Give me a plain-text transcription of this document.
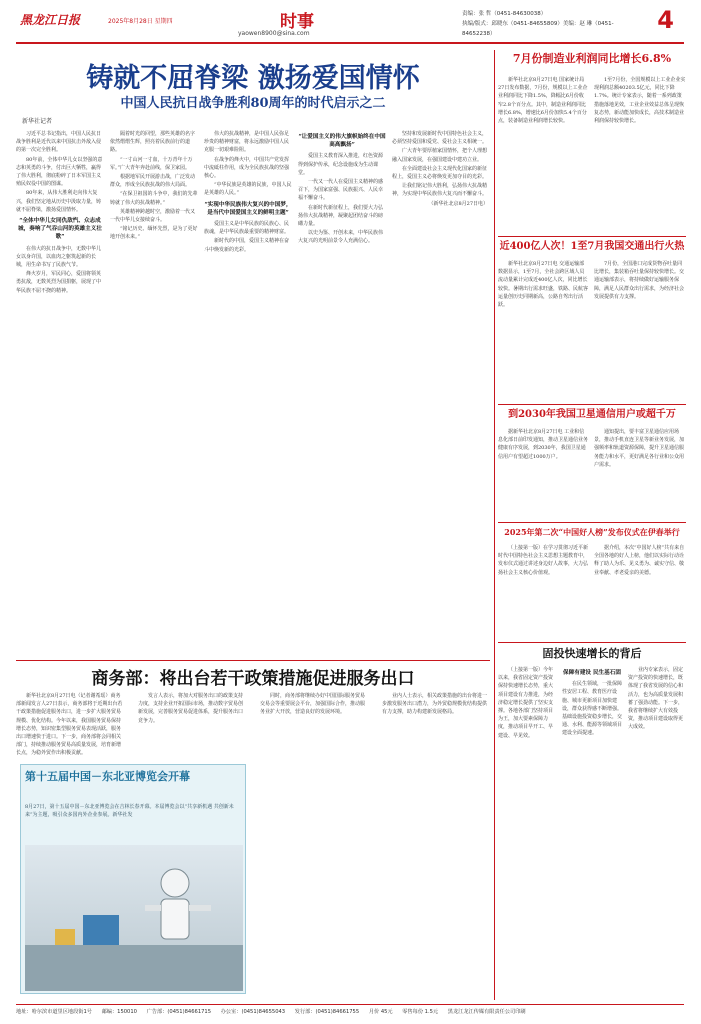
黑龙江日报	2025年8月28日 星期四	时事
yaowen8900@sina.com
责编：张 哲（0451-84630038）
执编/版式：邱晓东（0451-84655809）美编：赵 琳（0451-84652238）	4
铸就不屈脊梁 激扬爱国情怀
中国人民抗日战争胜利80周年的时代启示之二
新华社记者

习近平总书记指出，中国人民抗日战争胜利是近代以来中国抗击外敌入侵的第一次完全胜利。

80年前，全体中华儿女以坚强的意志和英勇的斗争，付出巨大牺牲，赢得了伟大胜利，彻底粉碎了日本军国主义殖民奴役中国的图谋。

80年来，从伟大胜利走向伟大复兴，我们坚定地从历史中汲取力量，铸就不屈脊梁，激扬爱国情怀。

“全体中华儿女同仇敌忾、众志成城，奏响了气吞山河的英雄主义壮歌”

在伟大的抗日战争中，无数中华儿女以身许国，以血肉之躯筑起新的长城，用生命书写了民族气节。

烽火岁月，军民同心，爱国将领英勇抗敌，无数英烈为国捐躯，展现了中华民族不屈不挠的精神。

隔着时光的回望，那些英雄的名字依然熠熠生辉，照亮着民族前行的道路。

“一寸山河一寸血，十万青年十万军。”广大青年奔赴前线，保卫家园。

根据地军民开展游击战，广泛发动群众，形成全民族抗战的伟大局面。

“在保卫祖国的斗争中，我们的先辈铸就了伟大的抗战精神。”

英雄精神跨越时空，激励着一代又一代中华儿女接续奋斗。

“铭记历史、缅怀先烈，是为了更好地开创未来。”

伟大的抗战精神，是中国人民弥足珍贵的精神财富，将永远激励中国人民克服一切艰难险阻。

在战争的烽火中，中国共产党发挥中流砥柱作用，成为全民族抗战的坚强核心。

“中华民族是英雄的民族，中国人民是英雄的人民。”

“实现中华民族伟大复兴的中国梦，是当代中国爱国主义的鲜明主题”

爱国主义是中华民族的民族心、民族魂，是中华民族最重要的精神财富。

新时代的中国，爱国主义精神在奋斗中焕发新的光彩。

“让爱国主义的伟大旗帜始终在中国高高飘扬”

爱国主义教育深入推进，红色资源得到保护传承，纪念设施成为生动课堂。

一代又一代人在爱国主义精神的感召下，为国家富强、民族振兴、人民幸福不懈奋斗。

在新时代新征程上，我们要大力弘扬伟大抗战精神，凝聚起团结奋斗的磅礴力量。

以史为鉴、开创未来，中华民族伟大复兴的光明前景令人充满信心。

坚持和发展新时代中国特色社会主义，必须坚持爱国和爱党、爱社会主义相统一。

广大青年要厚植家国情怀，把个人理想融入国家发展，在强国建设中建功立业。

在全面建设社会主义现代化国家的新征程上，爱国主义必将焕发更加夺目的光彩。

让我们铭记伟大胜利，弘扬伟大抗战精神，为实现中华民族伟大复兴而不懈奋斗。

（新华社北京8月27日电）

商务部：将出台若干政策措施促进服务出口

新华社北京8月27日电（记者谢希瑶）商务部新闻发言人27日表示，商务部将于近期出台若干政策措施促进服务出口，进一步扩大服务贸易规模、优化结构。今年以来，我国服务贸易保持增长态势，知识密集型服务贸易表现活跃，服务出口增速快于进口。下一步，商务部将会同相关部门，持续推动服务贸易高质量发展，培育新增长点，为稳外贸作出积极贡献。

发言人表示，将加大对服务出口的政策支持力度，支持企业开拓国际市场，推动数字贸易创新发展，完善服务贸易促进体系，提升服务出口竞争力。

同时，商务部将继续办好中国国际服务贸易交易会等重要展会平台，加强国际合作，推动服务业扩大开放，营造良好的发展环境。

业内人士表示，相关政策措施的出台将进一步激发服务出口潜力，为外贸稳规模优结构提供有力支撑，助力构建新发展格局。

第十五届中国－东北亚博览会开幕
8月27日，第十五届中国－东北亚博览会在吉林长春开幕。本届博览会以“共享新机遇 共创新未来”为主题，吸引众多国内外企业参展。新华社发
7月份制造业利润同比增长6.8%

新华社北京8月27日电 国家统计局27日发布数据，7月份，规模以上工业企业利润同比下降1.5%，降幅比6月份收窄2.8个百分点。其中，制造业利润同比增长6.8%，增速比6月份加快5.4个百分点，装备制造业利润增长较快。

1至7月份，全国规模以上工业企业实现利润总额40203.5亿元，同比下降1.7%。统计专家表示，随着一系列政策措施落地见效，工业企业效益总体呈现恢复态势，新动能加快成长，高技术制造业利润保持较快增长。

近400亿人次！1至7月我国交通出行火热

新华社北京8月27日电 交通运输部数据显示，1至7月，全社会跨区域人员流动量累计完成近400亿人次，同比增长较快。暑期出行需求旺盛，铁路、民航客运量创历史同期新高，公路自驾出行活跃。

7月份，全国港口完成货物吞吐量同比增长，集装箱吞吐量保持较快增长。交通运输部表示，将持续做好运输服务保障，满足人民群众出行需求，为经济社会发展提供有力支撑。

到2030年我国卫星通信用户或超千万

据新华社北京8月27日电 工业和信息化部日前印发通知，推动卫星通信业务健康有序发展，到2030年，我国卫星通信用户有望超过1000万户。

通知提出，要丰富卫星通信应用场景，推动手机直连卫星等新业务发展，加强频率和轨道资源保障，提升卫星通信服务能力和水平，更好满足各行业和公众用户需求。

2025年第二次“中国好人榜”发布仪式在伊春举行

（上接第一版）在学习贯彻习近平新时代中国特色社会主义思想主题教育中，发布仪式通过讲述身边好人故事，大力弘扬社会主义核心价值观。

据介绍，本次“中国好人榜”共有来自全国各地的好人上榜，他们以实际行动诠释了助人为乐、见义勇为、诚实守信、敬业奉献、孝老爱亲的美德。

固投快速增长的背后

（上接第一版）今年以来，我省固定资产投资保持快速增长态势，重大项目建设有力推进，为经济稳定增长提供了坚实支撑。各地各部门坚持项目为王，加大要素保障力度，推动项目早开工、早建设、早见效。

保障有建设 民生基石固

在民生领域，一批保障性安居工程、教育医疗设施、城市更新项目加快建设，群众获得感不断增强。基础设施投资稳步增长，交通、水利、能源等领域项目建设全面提速。

业内专家表示，固定资产投资的快速增长，既体现了我省发展的信心和活力，也为高质量发展积蓄了强劲动能。下一步，我省将继续扩大有效投资，推动项目建设取得更大成效。

地址：哈尔滨市道里区地段街1号 邮编：150010 广告部：(0451)84661715 办公室：(0451)84655043 发行部：(0451)84661755 月价 45元 零售每份 1.5元 黑龙江龙江传媒有限责任公司印刷
